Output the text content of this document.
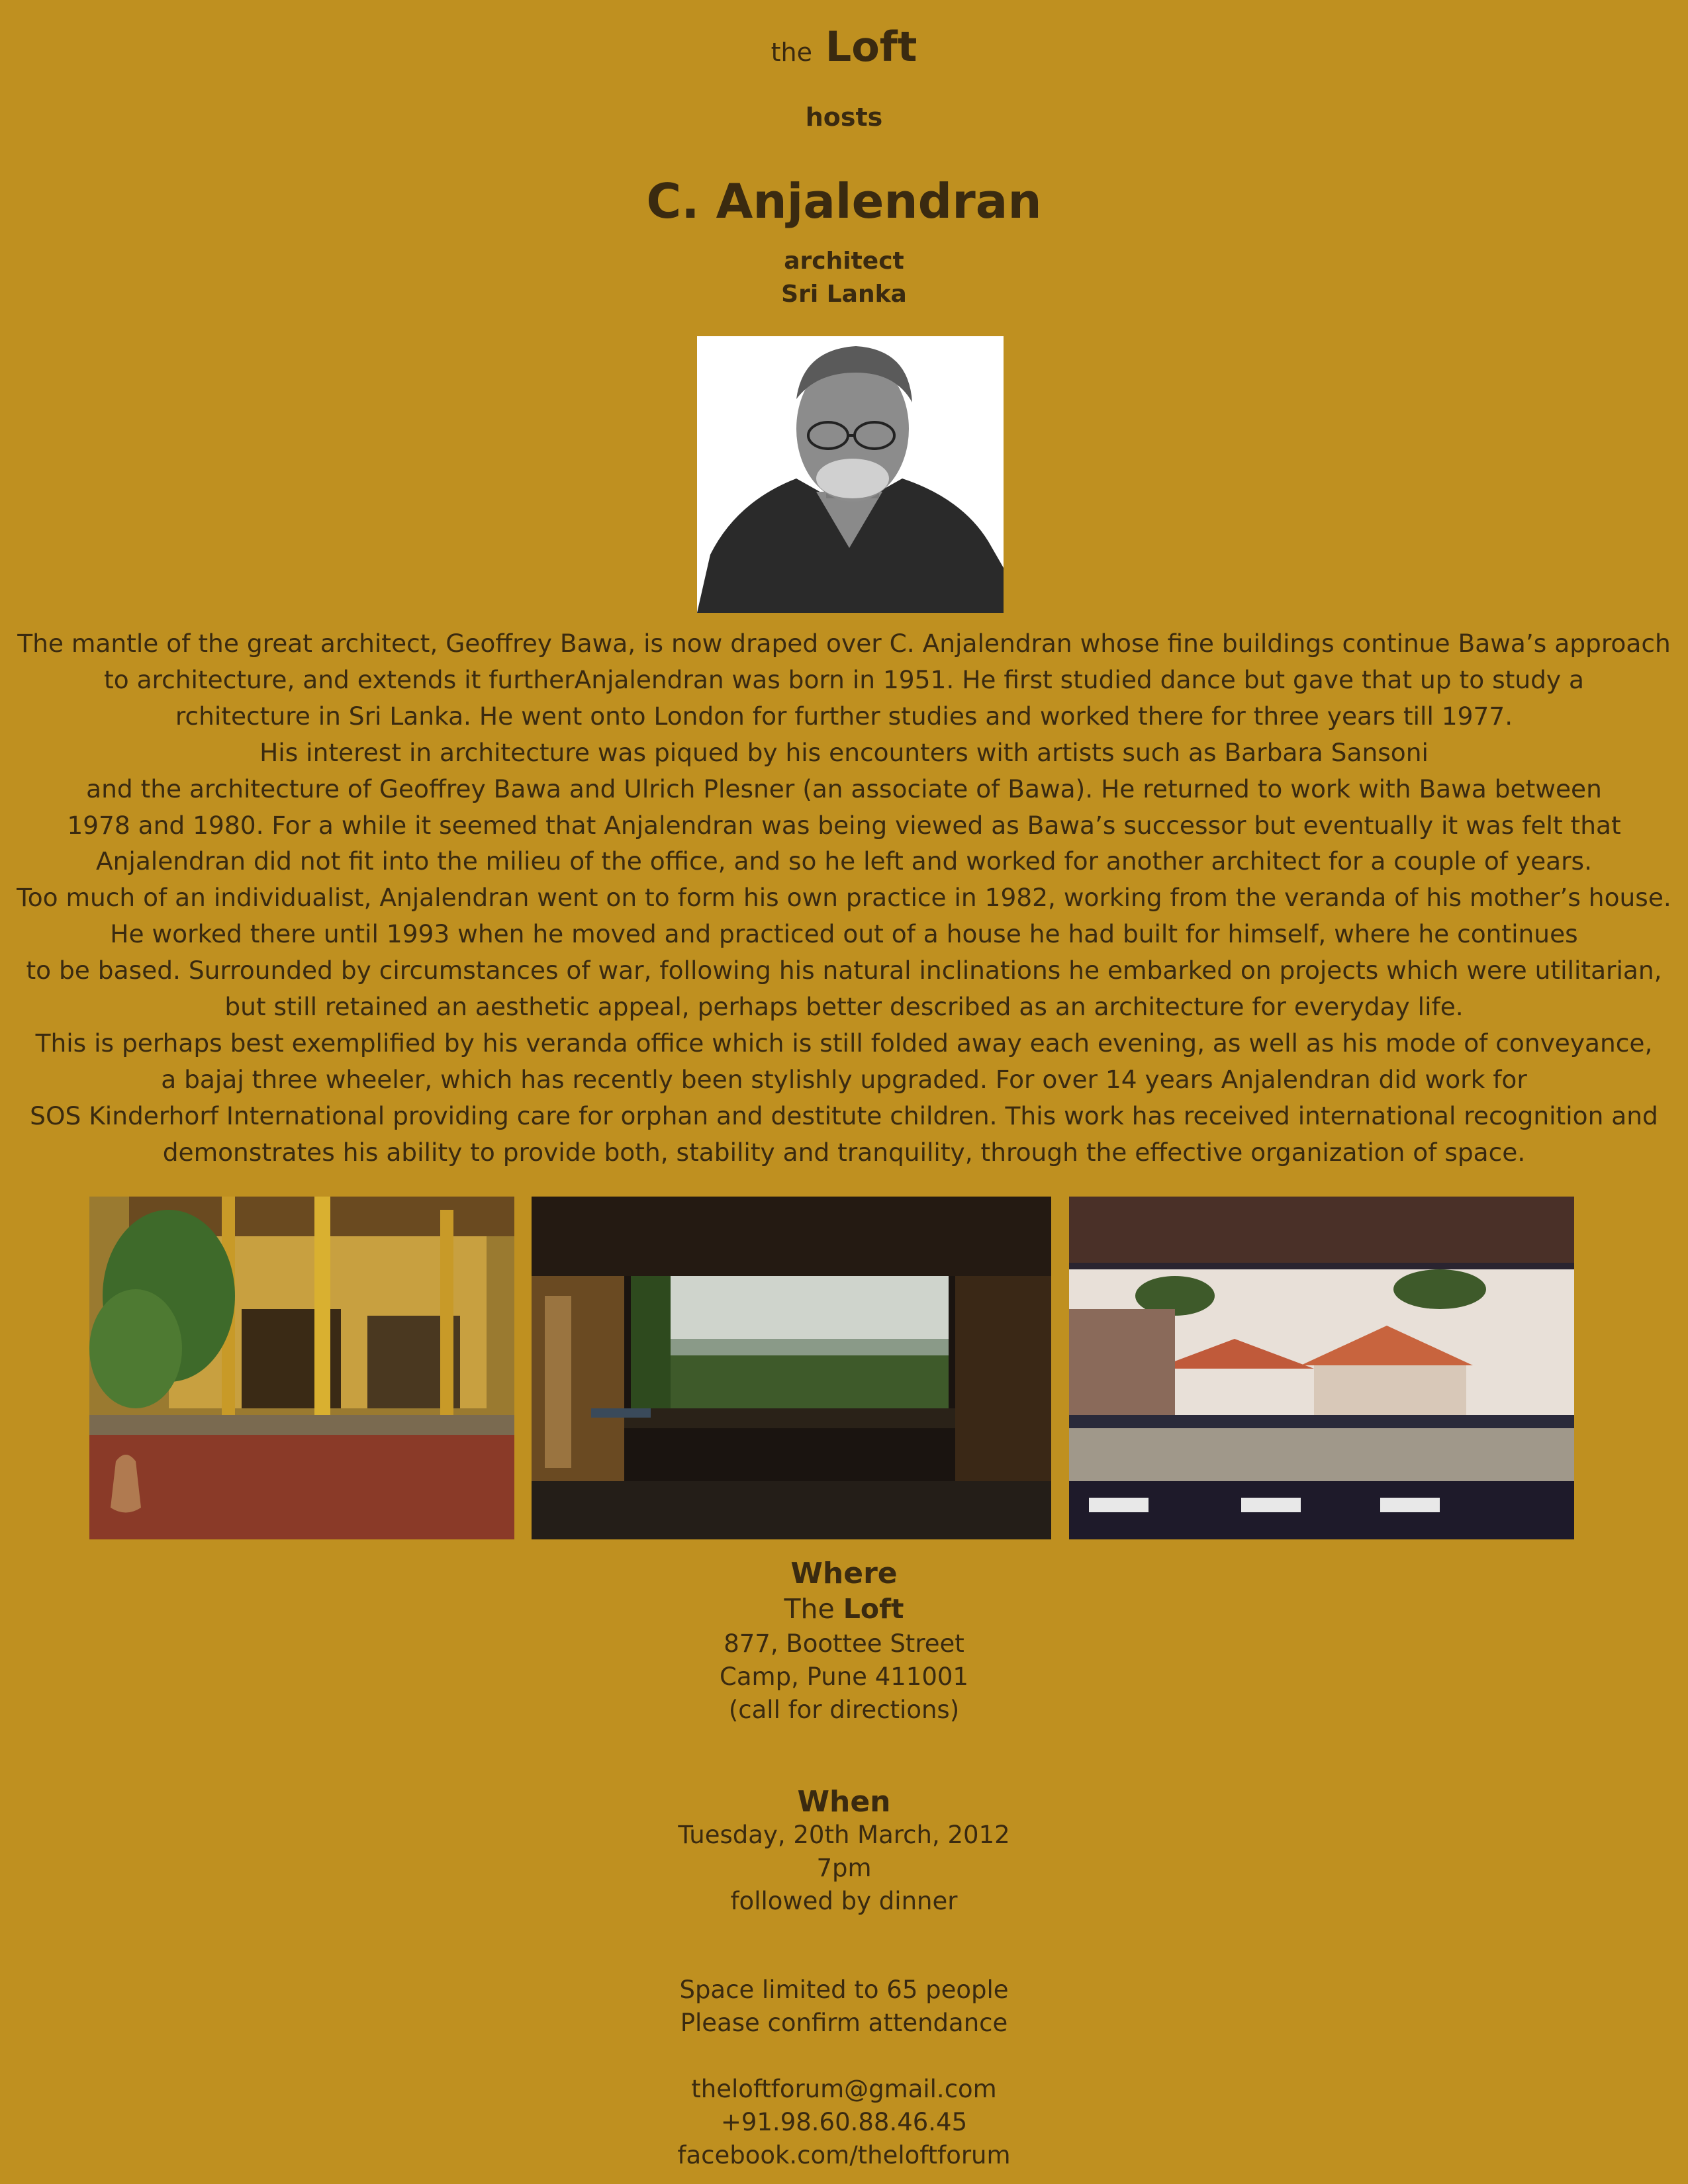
the Loft
hosts
C. Anjalendran
architect
Sri Lanka
The mantle of the great architect, Geoffrey Bawa, is now draped over C. Anjalendran whose fine buildings continue Bawa’s approach
to architecture, and extends it furtherAnjalendran was born in 1951. He first studied dance but gave that up to study a
rchitecture in Sri Lanka. He went onto London for further studies and worked there for three years till 1977.
His interest in architecture was piqued by his encounters with artists such as Barbara Sansoni
and the architecture of Geoffrey Bawa and Ulrich Plesner (an associate of Bawa). He returned to work with Bawa between
1978 and 1980. For a while it seemed that Anjalendran was being viewed as Bawa’s successor but eventually it was felt that
Anjalendran did not fit into the milieu of the office, and so he left and worked for another architect for a couple of years.
Too much of an individualist, Anjalendran went on to form his own practice in 1982, working from the veranda of his mother’s house.
He worked there until 1993 when he moved and practiced out of a house he had built for himself, where he continues
to be based. Surrounded by circumstances of war, following his natural inclinations he embarked on projects which were utilitarian,
but still retained an aesthetic appeal, perhaps better described as an architecture for everyday life.
This is perhaps best exemplified by his veranda office which is still folded away each evening, as well as his mode of conveyance,
a bajaj three wheeler, which has recently been stylishly upgraded. For over 14 years Anjalendran did work for
SOS Kinderhorf International providing care for orphan and destitute children. This work has received international recognition and
demonstrates his ability to provide both, stability and tranquility, through the effective organization of space.
Where
The Loft
877, Boottee Street
Camp, Pune 411001
(call for directions)
When
Tuesday, 20th March, 2012
7pm
followed by dinner
Space limited to 65 people
Please confirm attendance
theloftforum@gmail.com
+91.98.60.88.46.45
facebook.com/theloftforum
